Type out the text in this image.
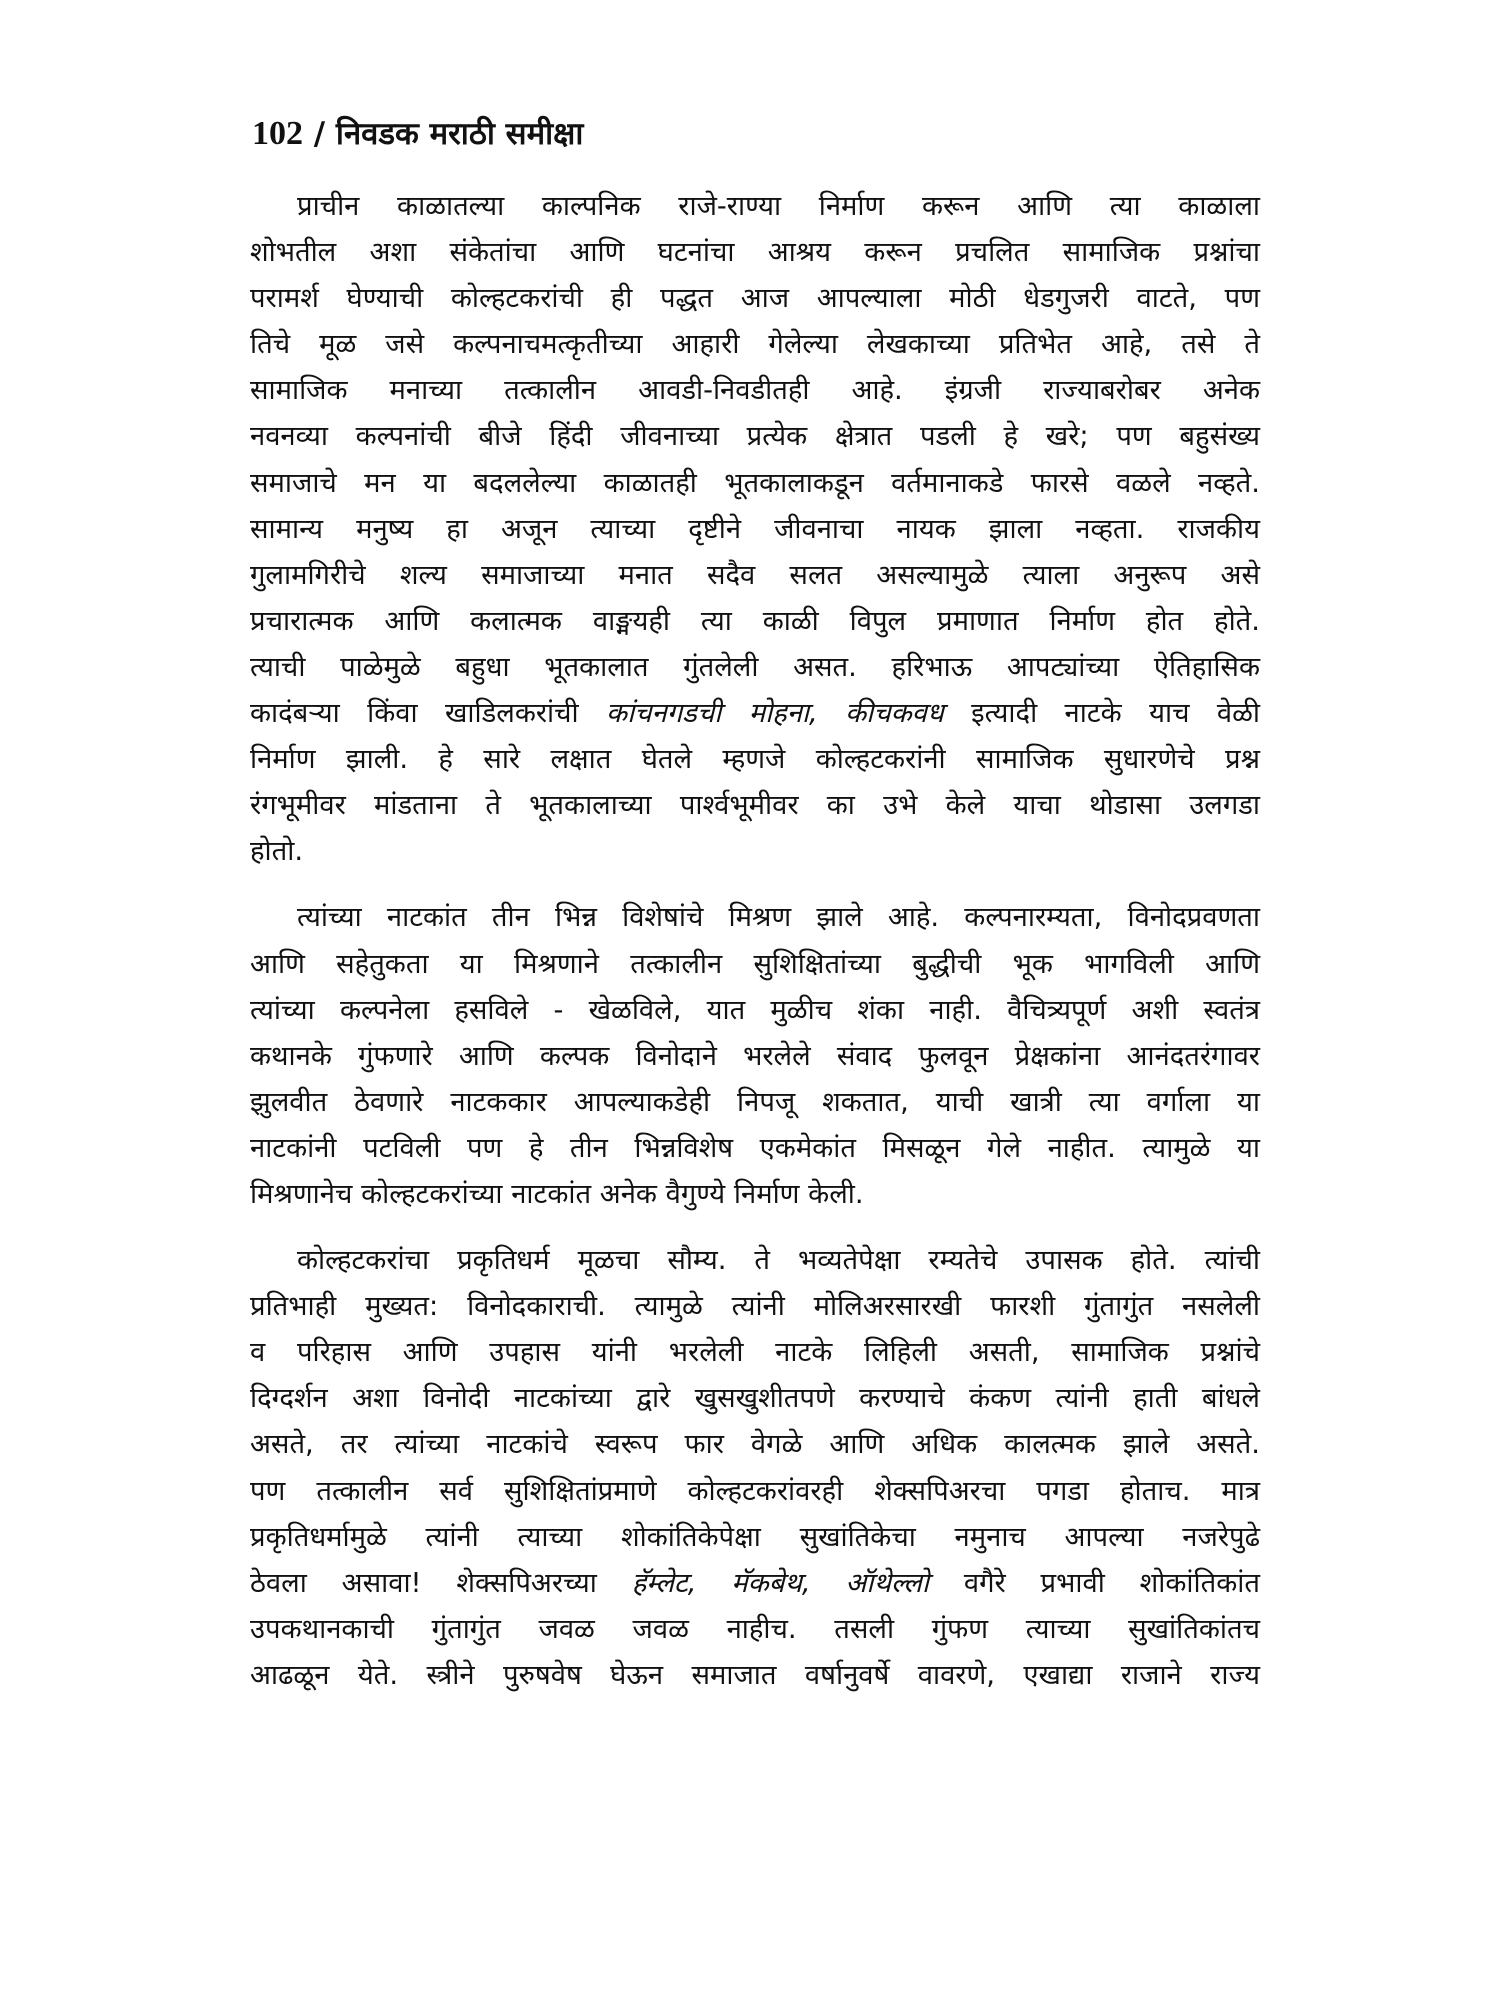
102 / निवडक मराठी समीक्षा
प्राचीन काळातल्या काल्पनिक राजे-राण्या निर्माण करून आणि त्या काळाला
शोभतील अशा संकेतांचा आणि घटनांचा आश्रय करून प्रचलित सामाजिक प्रश्नांचा
परामर्श घेण्याची कोल्हटकरांची ही पद्धत आज आपल्याला मोठी धेडगुजरी वाटते, पण
तिचे मूळ जसे कल्पनाचमत्कृतीच्या आहारी गेलेल्या लेखकाच्या प्रतिभेत आहे, तसे ते
सामाजिक मनाच्या तत्कालीन आवडी-निवडीतही आहे. इंग्रजी राज्याबरोबर अनेक
नवनव्या कल्पनांची बीजे हिंदी जीवनाच्या प्रत्येक क्षेत्रात पडली हे खरे; पण बहुसंख्य
समाजाचे मन या बदललेल्या काळातही भूतकालाकडून वर्तमानाकडे फारसे वळले नव्हते.
सामान्य मनुष्य हा अजून त्याच्या दृष्टीने जीवनाचा नायक झाला नव्हता. राजकीय
गुलामगिरीचे शल्य समाजाच्या मनात सदैव सलत असल्यामुळे त्याला अनुरूप असे
प्रचारात्मक आणि कलात्मक वाङ्मयही त्या काळी विपुल प्रमाणात निर्माण होत होते.
त्याची पाळेमुळे बहुधा भूतकालात गुंतलेली असत. हरिभाऊ आपट्यांच्या ऐतिहासिक
कादंबऱ्या किंवा खाडिलकरांची कांचनगडची मोहना, कीचकवध इत्यादी नाटके याच वेळी
निर्माण झाली. हे सारे लक्षात घेतले म्हणजे कोल्हटकरांनी सामाजिक सुधारणेचे प्रश्न
रंगभूमीवर मांडताना ते भूतकालाच्या पार्श्वभूमीवर का उभे केले याचा थोडासा उलगडा
होतो.
त्यांच्या नाटकांत तीन भिन्न विशेषांचे मिश्रण झाले आहे. कल्पनारम्यता, विनोदप्रवणता
आणि सहेतुकता या मिश्रणाने तत्कालीन सुशिक्षितांच्या बुद्धीची भूक भागविली आणि
त्यांच्या कल्पनेला हसविले - खेळविले, यात मुळीच शंका नाही. वैचित्र्यपूर्ण अशी स्वतंत्र
कथानके गुंफणारे आणि कल्पक विनोदाने भरलेले संवाद फुलवून प्रेक्षकांना आनंदतरंगावर
झुलवीत ठेवणारे नाटककार आपल्याकडेही निपजू शकतात, याची खात्री त्या वर्गाला या
नाटकांनी पटविली पण हे तीन भिन्नविशेष एकमेकांत मिसळून गेले नाहीत. त्यामुळे या
मिश्रणानेच कोल्हटकरांच्या नाटकांत अनेक वैगुण्ये निर्माण केली.
कोल्हटकरांचा प्रकृतिधर्म मूळचा सौम्य. ते भव्यतेपेक्षा रम्यतेचे उपासक होते. त्यांची
प्रतिभाही मुख्यत: विनोदकाराची. त्यामुळे त्यांनी मोलिअरसारखी फारशी गुंतागुंत नसलेली
व परिहास आणि उपहास यांनी भरलेली नाटके लिहिली असती, सामाजिक प्रश्नांचे
दिग्दर्शन अशा विनोदी नाटकांच्या द्वारे खुसखुशीतपणे करण्याचे कंकण त्यांनी हाती बांधले
असते, तर त्यांच्या नाटकांचे स्वरूप फार वेगळे आणि अधिक कालत्मक झाले असते.
पण तत्कालीन सर्व सुशिक्षितांप्रमाणे कोल्हटकरांवरही शेक्सपिअरचा पगडा होताच. मात्र
प्रकृतिधर्मामुळे त्यांनी त्याच्या शोकांतिकेपेक्षा सुखांतिकेचा नमुनाच आपल्या नजरेपुढे
ठेवला असावा! शेक्सपिअरच्या हॅम्लेट, मॅकबेथ, ऑथेल्लो वगैरे प्रभावी शोकांतिकांत
उपकथानकाची गुंतागुंत जवळ जवळ नाहीच. तसली गुंफण त्याच्या सुखांतिकांतच
आढळून येते. स्त्रीने पुरुषवेष घेऊन समाजात वर्षानुवर्षे वावरणे, एखाद्या राजाने राज्य
